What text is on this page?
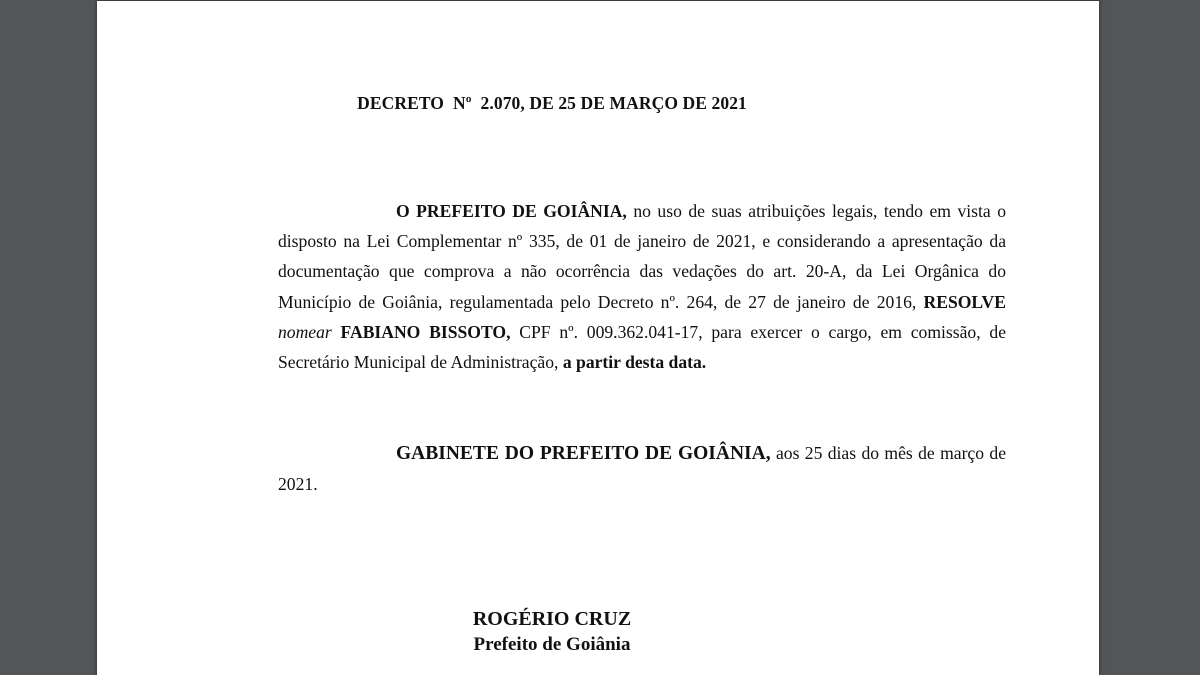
DECRETO  Nº  2.070, DE 25 DE MARÇO DE 2021

O PREFEITO DE GOIÂNIA, no uso de suas atribuições legais, tendo em vista o disposto na Lei Complementar nº 335, de 01 de janeiro de 2021, e considerando a apresentação da documentação que comprova a não ocorrência das vedações do art. 20-A, da Lei Orgânica do Município de Goiânia, regulamentada pelo Decreto nº. 264, de 27 de janeiro de 2016, RESOLVE nomear FABIANO BISSOTO, CPF nº. 009.362.041-17, para exercer o cargo, em comissão, de Secretário Municipal de Administração, a partir desta data.

GABINETE DO PREFEITO DE GOIÂNIA, aos 25 dias do mês de março de 2021.

ROGÉRIO CRUZ
Prefeito de Goiânia
